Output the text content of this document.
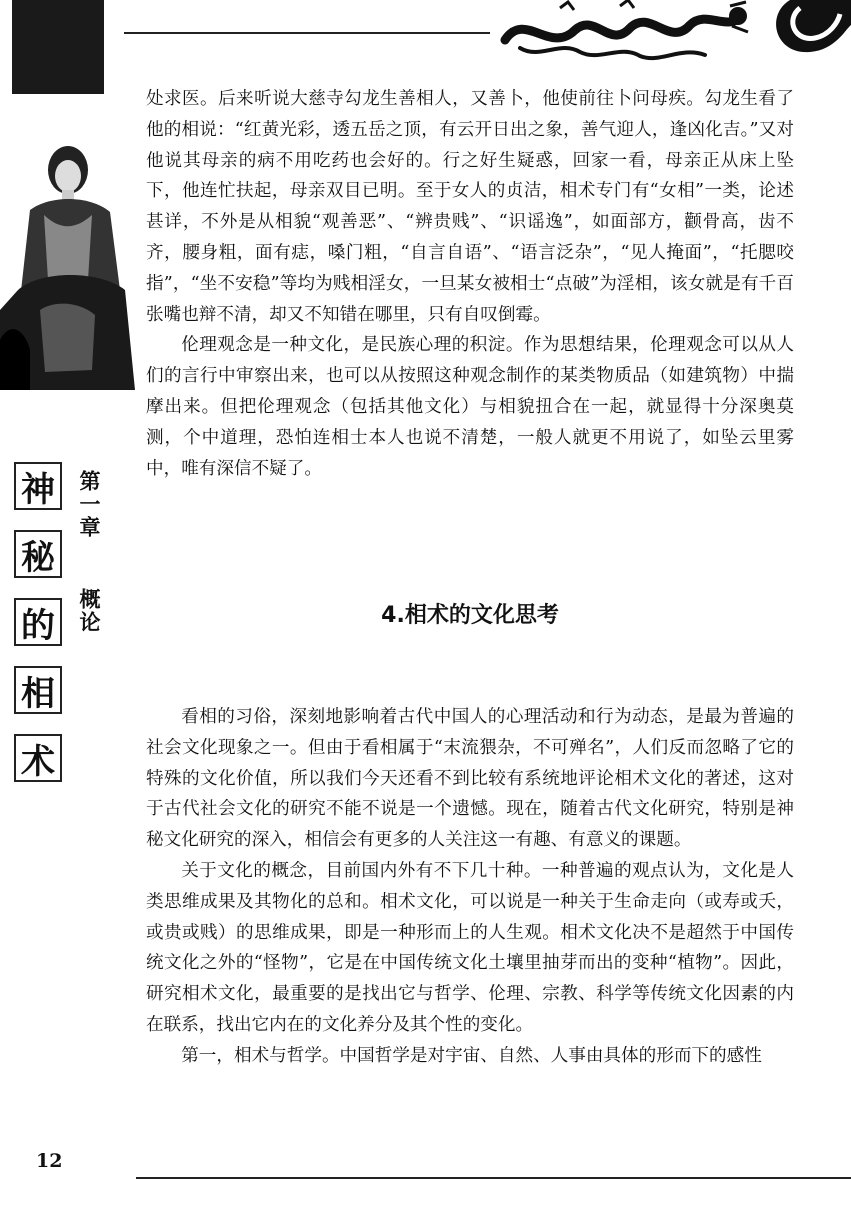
神
秘
的
相
术
第一章
概论

处求医。后来听说大慈寺勾龙生善相人，又善卜，他使前往卜问母疾。勾龙生看了他的相说：“红黄光彩，透五岳之顶，有云开日出之象，善气迎人，逢凶化吉。”又对他说其母亲的病不用吃药也会好的。行之好生疑惑，回家一看，母亲正从床上坠下，他连忙扶起，母亲双目已明。至于女人的贞洁，相术专门有“女相”一类，论述甚详，不外是从相貌“观善恶”、“辨贵贱”、“识谣逸”，如面部方，颧骨高，齿不齐，腰身粗，面有痣，嗓门粗，“自言自语”、“语言泛杂”，“见人掩面”，“托腮咬指”，“坐不安稳”等均为贱相淫女，一旦某女被相士“点破”为淫相，该女就是有千百张嘴也辩不清，却又不知错在哪里，只有自叹倒霉。

伦理观念是一种文化，是民族心理的积淀。作为思想结果，伦理观念可以从人们的言行中审察出来，也可以从按照这种观念制作的某类物质品（如建筑物）中揣摩出来。但把伦理观念（包括其他文化）与相貌扭合在一起，就显得十分深奥莫测，个中道理，恐怕连相士本人也说不清楚，一般人就更不用说了，如坠云里雾中，唯有深信不疑了。

4.相术的文化思考

看相的习俗，深刻地影响着古代中国人的心理活动和行为动态，是最为普遍的社会文化现象之一。但由于看相属于“末流猥杂，不可殚名”，人们反而忽略了它的特殊的文化价值，所以我们今天还看不到比较有系统地评论相术文化的著述，这对于古代社会文化的研究不能不说是一个遗憾。现在，随着古代文化研究，特别是神秘文化研究的深入，相信会有更多的人关注这一有趣、有意义的课题。

关于文化的概念，目前国内外有不下几十种。一种普遍的观点认为，文化是人类思维成果及其物化的总和。相术文化，可以说是一种关于生命走向（或寿或夭，或贵或贱）的思维成果，即是一种形而上的人生观。相术文化决不是超然于中国传统文化之外的“怪物”，它是在中国传统文化土壤里抽芽而出的变种“植物”。因此，研究相术文化，最重要的是找出它与哲学、伦理、宗教、科学等传统文化因素的内在联系，找出它内在的文化养分及其个性的变化。

第一，相术与哲学。中国哲学是对宇宙、自然、人事由具体的形而下的感性

12
